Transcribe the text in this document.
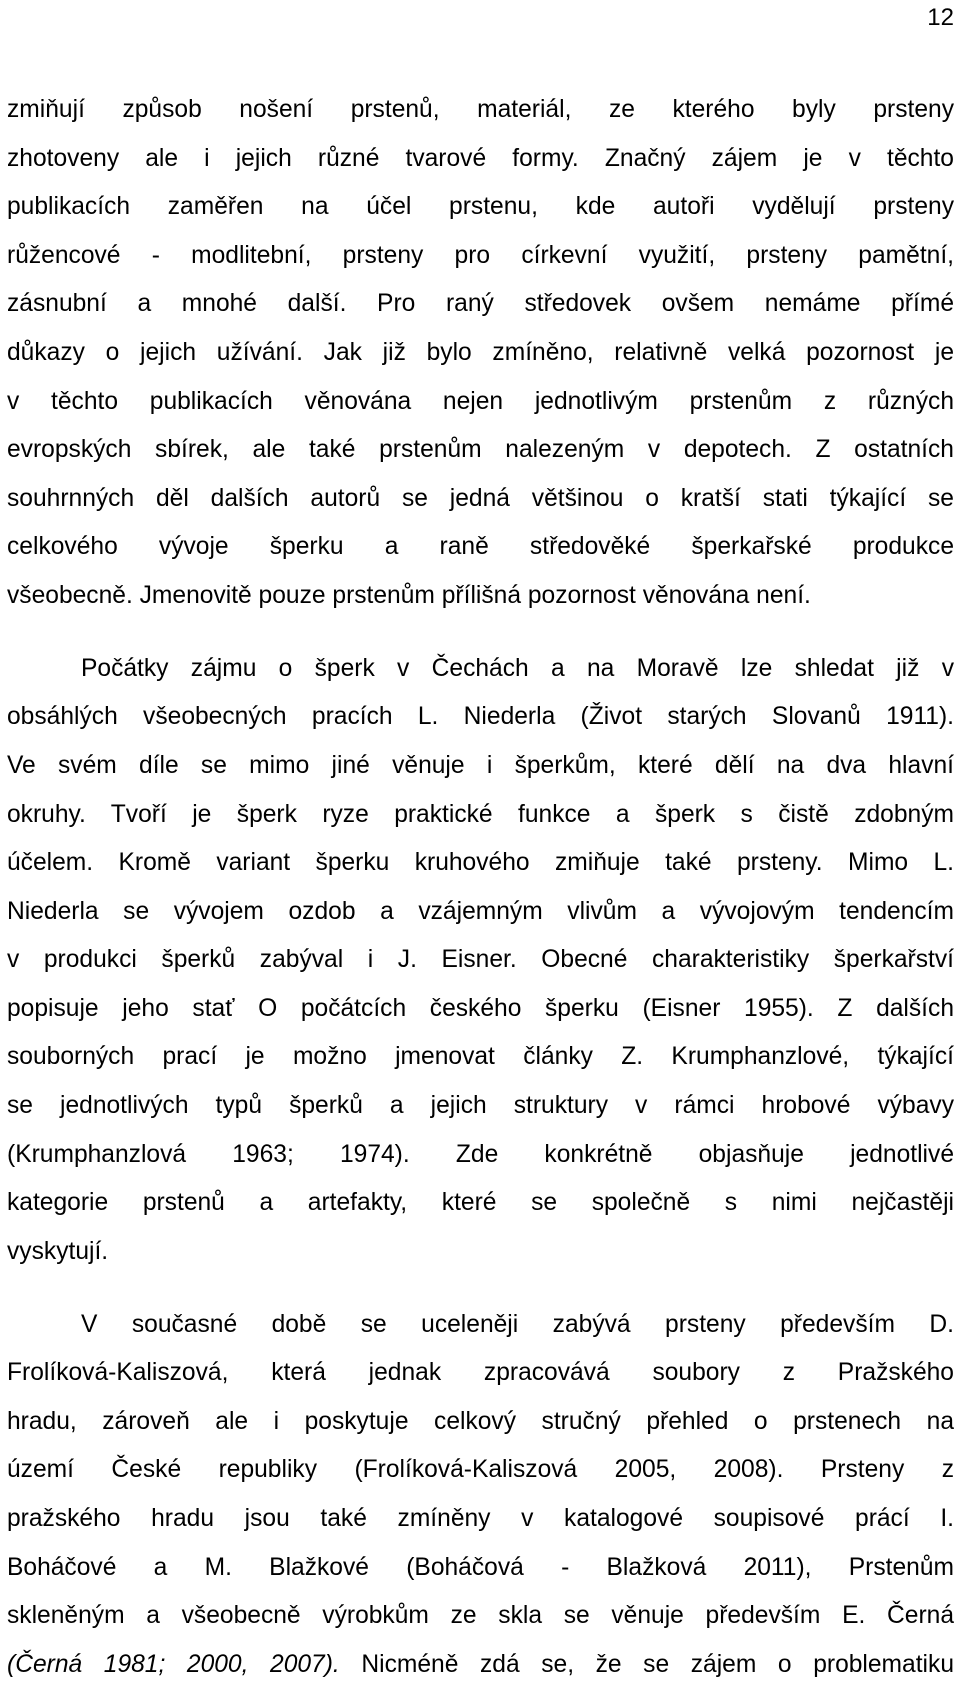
12
zmiňují způsob nošení prstenů, materiál, ze kterého byly prsteny
zhotoveny ale i jejich různé tvarové formy. Značný zájem je v těchto
publikacích zaměřen na účel prstenu, kde autoři vydělují prsteny
růžencové - modlitební, prsteny pro církevní využití, prsteny pamětní,
zásnubní a mnohé další. Pro raný středovek ovšem nemáme přímé
důkazy o jejich užívání. Jak již bylo zmíněno, relativně velká pozornost je
v těchto publikacích věnována nejen jednotlivým prstenům z různých
evropských sbírek, ale také prstenům nalezeným v depotech. Z ostatních
souhrnných děl dalších autorů se jedná většinou o kratší stati týkající se
celkového vývoje šperku a raně středověké šperkařské produkce
všeobecně. Jmenovitě pouze prstenům přílišná pozornost věnována není.
Počátky zájmu o šperk v Čechách a na Moravě lze shledat již v
obsáhlých všeobecných pracích L. Niederla (Život starých Slovanů 1911).
Ve svém díle se mimo jiné věnuje i šperkům, které dělí na dva hlavní
okruhy. Tvoří je šperk ryze praktické funkce a šperk s čistě zdobným
účelem. Kromě variant šperku kruhového zmiňuje také prsteny. Mimo L.
Niederla se vývojem ozdob a vzájemným vlivům a vývojovým tendencím
v produkci šperků zabýval i J. Eisner. Obecné charakteristiky šperkařství
popisuje jeho stať O počátcích českého šperku (Eisner 1955). Z dalších
souborných prací je možno jmenovat články Z. Krumphanzlové, týkající
se jednotlivých typů šperků a jejich struktury v rámci hrobové výbavy
(Krumphanzlová 1963; 1974). Zde konkrétně objasňuje jednotlivé
kategorie prstenů a artefakty, které se společně s nimi nejčastěji
vyskytují.
V současné době se uceleněji zabývá prsteny především D.
Frolíková-Kaliszová, která jednak zpracovává soubory z Pražského
hradu, zároveň ale i poskytuje celkový stručný přehled o prstenech na
území České republiky (Frolíková-Kaliszová 2005, 2008). Prsteny z
pražského hradu jsou také zmíněny v katalogové soupisové prácí I.
Boháčové a M. Blažkové (Boháčová - Blažková 2011), Prstenům
skleněným a všeobecně výrobkům ze skla se věnuje především E. Černá
(Černá 1981; 2000, 2007). Nicméně zdá se, že se zájem o problematiku
